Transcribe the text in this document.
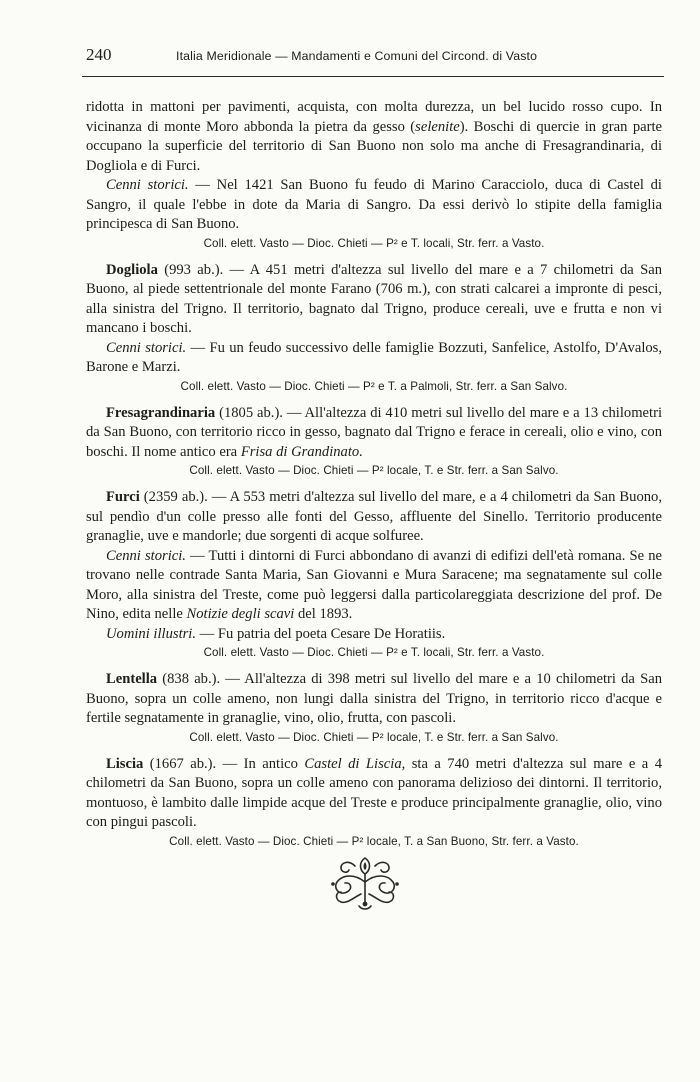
240	Italia Meridionale — Mandamenti e Comuni del Circond. di Vasto

ridotta in mattoni per pavimenti, acquista, con molta durezza, un bel lucido rosso cupo. In vicinanza di monte Moro abbonda la pietra da gesso (selenite). Boschi di quercie in gran parte occupano la superficie del territorio di San Buono non solo ma anche di Fresagrandinaria, di Dogliola e di Furci.

Cenni storici. — Nel 1421 San Buono fu feudo di Marino Caracciolo, duca di Castel di Sangro, il quale l'ebbe in dote da Maria di Sangro. Da essi derivò lo stipite della famiglia principesca di San Buono.

Coll. elett. Vasto — Dioc. Chieti — P² e T. locali, Str. ferr. a Vasto.

Dogliola (993 ab.). — A 451 metri d'altezza sul livello del mare e a 7 chilometri da San Buono, al piede settentrionale del monte Farano (706 m.), con strati calcarei a impronte di pesci, alla sinistra del Trigno. Il territorio, bagnato dal Trigno, produce cereali, uve e frutta e non vi mancano i boschi.

Cenni storici. — Fu un feudo successivo delle famiglie Bozzuti, Sanfelice, Astolfo, D'Avalos, Barone e Marzi.

Coll. elett. Vasto — Dioc. Chieti — P² e T. a Palmoli, Str. ferr. a San Salvo.

Fresagrandinaria (1805 ab.). — All'altezza di 410 metri sul livello del mare e a 13 chilometri da San Buono, con territorio ricco in gesso, bagnato dal Trigno e ferace in cereali, olio e vino, con boschi. Il nome antico era Frisa di Grandinato.

Coll. elett. Vasto — Dioc. Chieti — P² locale, T. e Str. ferr. a San Salvo.

Furci (2359 ab.). — A 553 metri d'altezza sul livello del mare, e a 4 chilometri da San Buono, sul pendìo d'un colle presso alle fonti del Gesso, affluente del Sinello. Territorio producente granaglie, uve e mandorle; due sorgenti di acque solfuree.

Cenni storici. — Tutti i dintorni di Furci abbondano di avanzi di edifizi dell'età romana. Se ne trovano nelle contrade Santa Maria, San Giovanni e Mura Saracene; ma segnatamente sul colle Moro, alla sinistra del Treste, come può leggersi dalla particolareggiata descrizione del prof. De Nino, edita nelle Notizie degli scavi del 1893.

Uomini illustri. — Fu patria del poeta Cesare De Horatiis.

Coll. elett. Vasto — Dioc. Chieti — P² e T. locali, Str. ferr. a Vasto.

Lentella (838 ab.). — All'altezza di 398 metri sul livello del mare e a 10 chilometri da San Buono, sopra un colle ameno, non lungi dalla sinistra del Trigno, in territorio ricco d'acque e fertile segnatamente in granaglie, vino, olio, frutta, con pascoli.

Coll. elett. Vasto — Dioc. Chieti — P² locale, T. e Str. ferr. a San Salvo.

Liscia (1667 ab.). — In antico Castel di Liscia, sta a 740 metri d'altezza sul mare e a 4 chilometri da San Buono, sopra un colle ameno con panorama delizioso dei dintorni. Il territorio, montuoso, è lambito dalle limpide acque del Treste e produce principalmente granaglie, olio, vino con pingui pascoli.

Coll. elett. Vasto — Dioc. Chieti — P² locale, T. a San Buono, Str. ferr. a Vasto.
